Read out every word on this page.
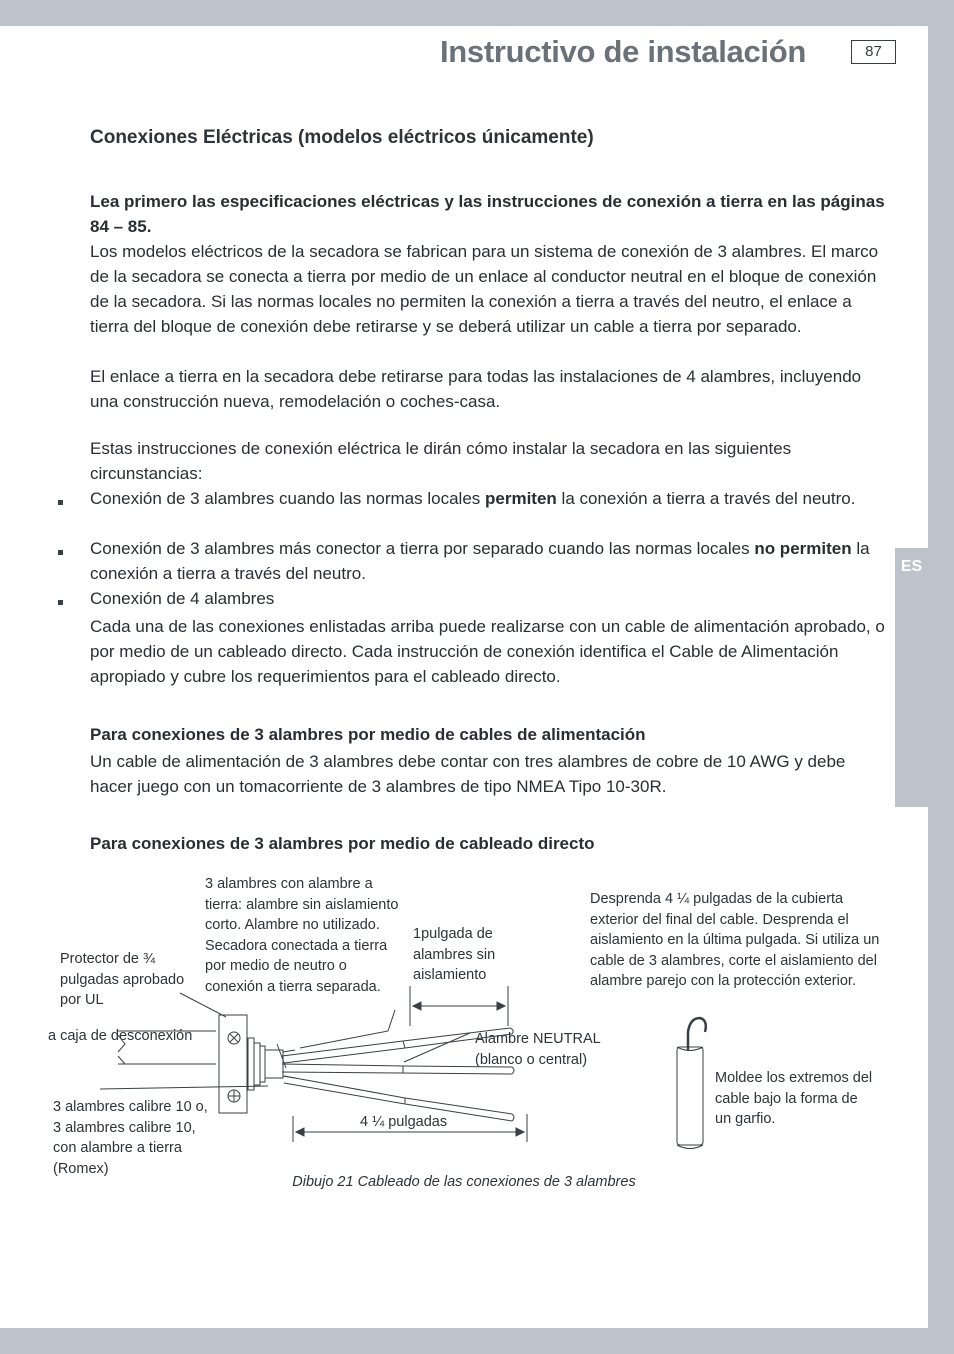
Instructivo de instalación	87
ES
Conexiones Eléctricas (modelos eléctricos únicamente)
Lea primero las especificaciones eléctricas y las instrucciones de conexión a tierra en las páginas 84 – 85.
Los modelos eléctricos de la secadora se fabrican para un sistema de conexión de 3 alambres. El marco de la secadora se conecta a tierra por medio de un enlace al conductor neutral en el bloque de conexión de la secadora. Si las normas locales no permiten la conexión a tierra a través del neutro, el enlace a tierra del bloque de conexión debe retirarse y se deberá utilizar un cable a tierra por separado.
El enlace a tierra en la secadora debe retirarse para todas las instalaciones de 4 alambres, incluyendo una construcción nueva, remodelación o coches-casa.
Estas instrucciones de conexión eléctrica le dirán cómo instalar la secadora en las siguientes circunstancias:
Conexión de 3 alambres cuando las normas locales permiten la conexión a tierra a través del neutro.
Conexión de 3 alambres más conector a tierra por separado cuando las normas locales no permiten la conexión a tierra a través del neutro.
Conexión de 4 alambres
Cada una de las conexiones enlistadas arriba puede realizarse con un cable de alimentación aprobado, o por medio de un cableado directo. Cada instrucción de conexión identifica el Cable de Alimentación apropiado y cubre los requerimientos para el cableado directo.
Para conexiones de 3 alambres por medio de cables de alimentación
Un cable de alimentación de 3 alambres debe contar con tres alambres de cobre de 10 AWG y debe hacer juego con un tomacorriente de 3 alambres de tipo NMEA Tipo 10-30R.
Para conexiones de 3 alambres por medio de cableado directo
3 alambres con alambre a tierra: alambre sin aislamiento corto. Alambre no utilizado. Secadora conectada a tierra por medio de neutro o conexión a tierra separada.
1pulgada de alambres sin aislamiento
Desprenda 4 ¼ pulgadas de la cubierta exterior del final del cable. Desprenda el aislamiento en la última pulgada. Si utiliza un cable de 3 alambres, corte el aislamiento del alambre parejo con la protección exterior.
Protector de ¾ pulgadas aprobado por UL
a caja de desconexión	Alambre NEUTRAL (blanco o central)
Moldee los extremos del cable bajo la forma de un garfio.
3 alambres calibre 10 o, 3 alambres calibre 10, con alambre a tierra (Romex)
4 ¼ pulgadas
Dibujo 21 Cableado de las conexiones de 3 alambres
